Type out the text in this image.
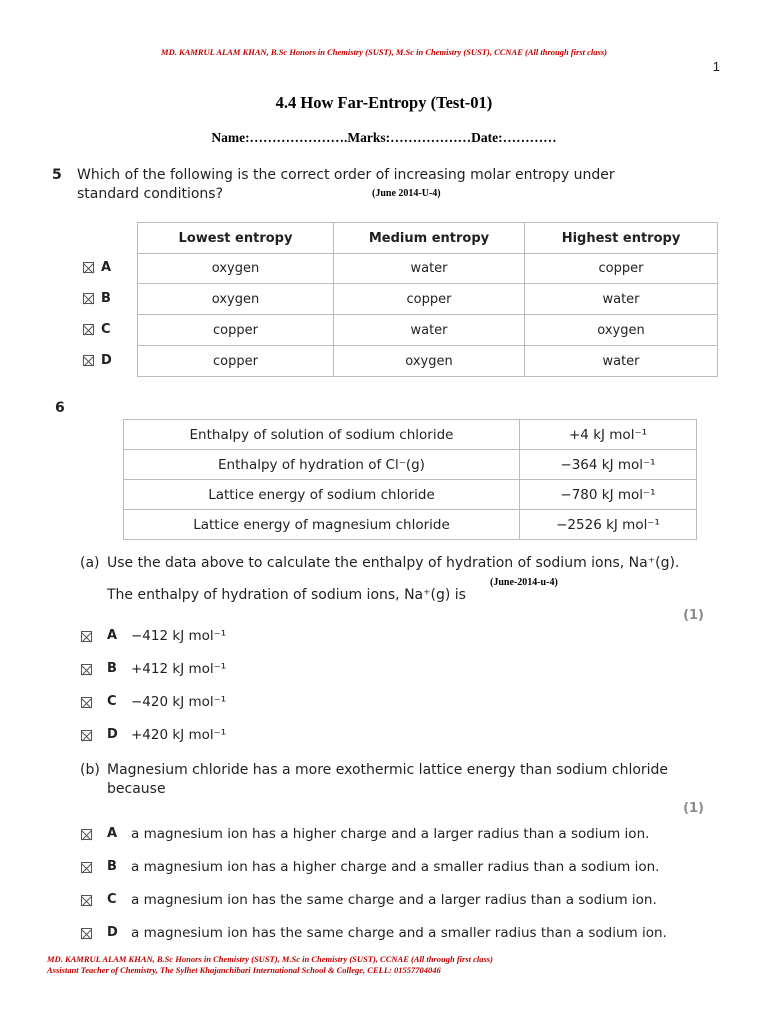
MD. KAMRUL ALAM KHAN, B.Sc Honors in Chemistry (SUST), M.Sc in Chemistry (SUST), CCNAE (All through first class)
1
4.4 How Far-Entropy (Test-01)
Name:………………….Marks:………………Date:…………
5 Which of the following is the correct order of increasing molar entropy under
standard conditions?	(June 2014-U-4)
Lowest entropy	Medium entropy	Highest entropy
oxygen	water	copper
oxygen	copper	water
copper	water	oxygen
copper	oxygen	water
A
B
C
D
6
Enthalpy of solution of sodium chloride	+4 kJ mol⁻¹
Enthalpy of hydration of Cl⁻(g)	−364 kJ mol⁻¹
Lattice energy of sodium chloride	−780 kJ mol⁻¹
Lattice energy of magnesium chloride	−2526 kJ mol⁻¹
(a) Use the data above to calculate the enthalpy of hydration of sodium ions, Na⁺(g).
(June-2014-u-4)
The enthalpy of hydration of sodium ions, Na⁺(g) is
(1)
A −412 kJ mol⁻¹
B +412 kJ mol⁻¹
C −420 kJ mol⁻¹
D +420 kJ mol⁻¹
(b) Magnesium chloride has a more exothermic lattice energy than sodium chloride
because
(1)
A a magnesium ion has a higher charge and a larger radius than a sodium ion.
B a magnesium ion has a higher charge and a smaller radius than a sodium ion.
C a magnesium ion has the same charge and a larger radius than a sodium ion.
D a magnesium ion has the same charge and a smaller radius than a sodium ion.
MD. KAMRUL ALAM KHAN, B.Sc Honors in Chemistry (SUST), M.Sc in Chemistry (SUST), CCNAE (All through first class)
Assistant Teacher of Chemistry, The Sylhet Khajanchibari International School & College, CELL: 01557704046
